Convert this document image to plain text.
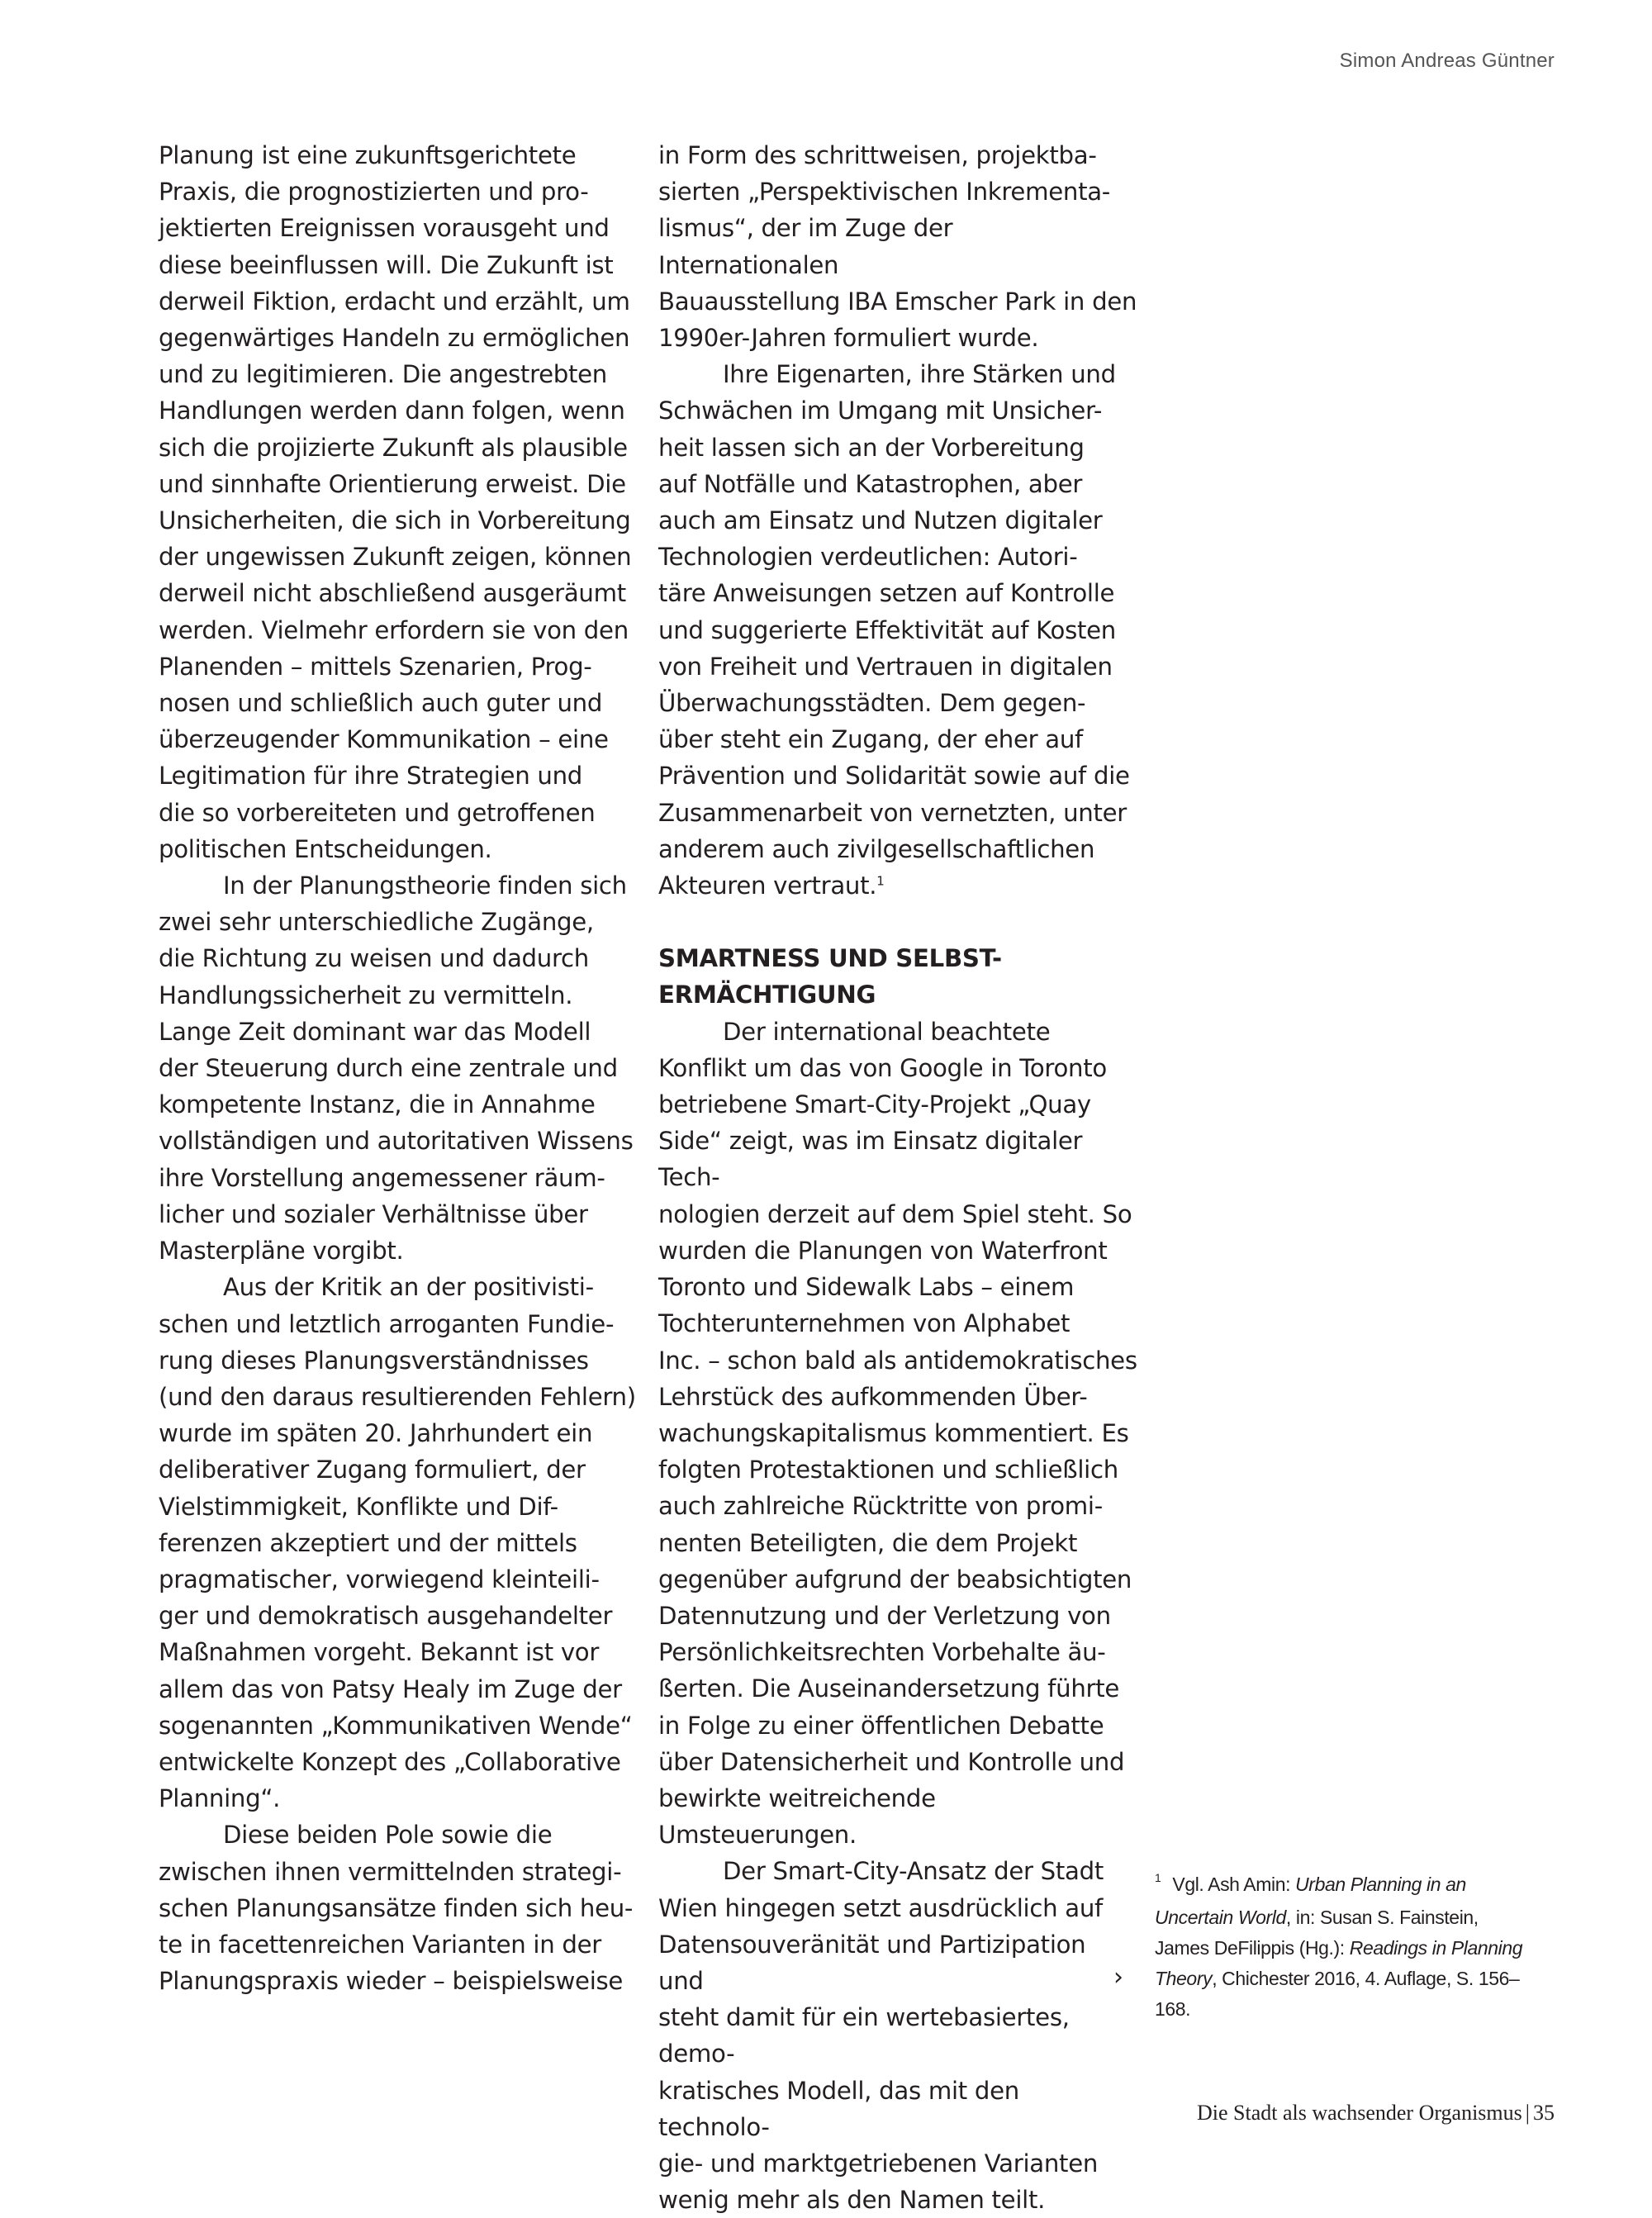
Simon Andreas Güntner

Planung ist eine zukunftsgerichtete
Praxis, die prognostizierten und pro-
jektierten Ereignissen vorausgeht und
diese beeinflussen will. Die Zukunft ist
derweil Fiktion, erdacht und erzählt, um
gegenwärtiges Handeln zu ermöglichen
und zu legitimieren. Die angestrebten
Handlungen werden dann folgen, wenn
sich die projizierte Zukunft als plausible
und sinnhafte Orientierung erweist. Die
Unsicherheiten, die sich in Vorbereitung
der ungewissen Zukunft zeigen, können
derweil nicht abschließend ausgeräumt
werden. Vielmehr erfordern sie von den
Planenden – mittels Szenarien, Prog-
nosen und schließlich auch guter und
überzeugender Kommunikation – eine
Legitimation für ihre Strategien und
die so vorbereiteten und getroffenen
politischen Entscheidungen.

In der Planungstheorie finden sich
zwei sehr unterschiedliche Zugänge,
die Richtung zu weisen und dadurch
Handlungssicherheit zu vermitteln.
Lange Zeit dominant war das Modell
der Steuerung durch eine zentrale und
kompetente Instanz, die in Annahme
vollständigen und autoritativen Wissens
ihre Vorstellung angemessener räum-
licher und sozialer Verhältnisse über
Masterpläne vorgibt.

Aus der Kritik an der positivisti-
schen und letztlich arroganten Fundie-
rung dieses Planungsverständnisses
(und den daraus resultierenden Fehlern)
wurde im späten 20. Jahrhundert ein
deliberativer Zugang formuliert, der
Vielstimmigkeit, Konflikte und Dif-
ferenzen akzeptiert und der mittels
pragmatischer, vorwiegend kleinteili-
ger und demokratisch ausgehandelter
Maßnahmen vorgeht. Bekannt ist vor
allem das von Patsy Healy im Zuge der
sogenannten „Kommunikativen Wende“
entwickelte Konzept des „Collaborative
Planning“.

Diese beiden Pole sowie die
zwischen ihnen vermittelnden strategi-
schen Planungsansätze finden sich heu-
te in facettenreichen Varianten in der
Planungspraxis wieder – beispielsweise

in Form des schrittweisen, projektba-
sierten „Perspektivischen Inkrementa-
lismus“, der im Zuge der Internationalen
Bauausstellung IBA Emscher Park in den
1990er-Jahren formuliert wurde.

Ihre Eigenarten, ihre Stärken und
Schwächen im Umgang mit Unsicher-
heit lassen sich an der Vorbereitung
auf Notfälle und Katastrophen, aber
auch am Einsatz und Nutzen digitaler
Technologien verdeutlichen: Autori-
täre Anweisungen setzen auf Kontrolle
und suggerierte Effektivität auf Kosten
von Freiheit und Vertrauen in digitalen
Überwachungsstädten. Dem gegen-
über steht ein Zugang, der eher auf
Prävention und Solidarität sowie auf die
Zusammenarbeit von vernetzten, unter
anderem auch zivilgesellschaftlichen
Akteuren vertraut.$^1$

SMARTNESS UND SELBST-
ERMÄCHTIGUNG

Der international beachtete
Konflikt um das von Google in Toronto
betriebene Smart-City-Projekt „Quay
Side“ zeigt, was im Einsatz digitaler Tech-
nologien derzeit auf dem Spiel steht. So
wurden die Planungen von Waterfront
Toronto und Sidewalk Labs – einem
Tochterunternehmen von Alphabet
Inc. – schon bald als antidemokratisches
Lehrstück des aufkommenden Über-
wachungskapitalismus kommentiert. Es
folgten Protestaktionen und schließlich
auch zahlreiche Rücktritte von promi-
nenten Beteiligten, die dem Projekt
gegenüber aufgrund der beabsichtigten
Datennutzung und der Verletzung von
Persönlichkeitsrechten Vorbehalte äu-
ßerten. Die Auseinandersetzung führte
in Folge zu einer öffentlichen Debatte
über Datensicherheit und Kontrolle und
bewirkte weitreichende Umsteuerungen.

Der Smart-City-Ansatz der Stadt
Wien hingegen setzt ausdrücklich auf
Datensouveränität und Partizipation und
steht damit für ein wertebasiertes, demo-
kratisches Modell, das mit den technolo-
gie- und marktgetriebenen Varianten
wenig mehr als den Namen teilt.

›
$^1$ Vgl. Ash Amin: Urban Planning in an Uncertain World, in: Susan S. Fainstein, James DeFilippis (Hg.): Readings in Planning Theory, Chichester 2016, 4. Auflage, S. 156–168.
Die Stadt als wachsender Organismus | 35
